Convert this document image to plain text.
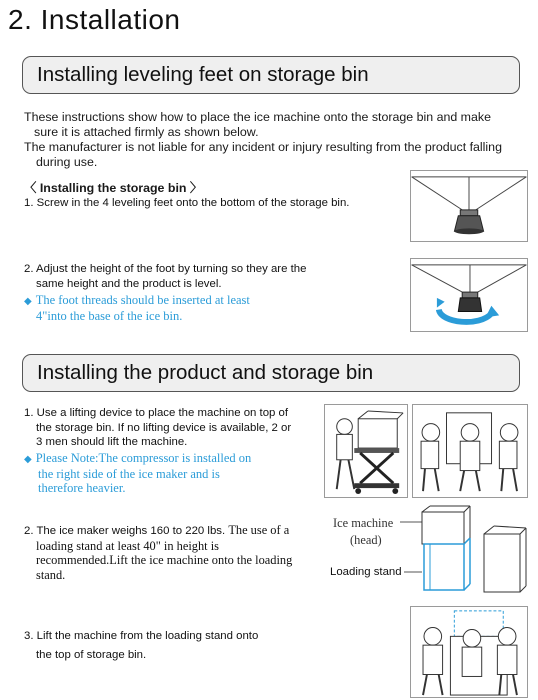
2. Installation
Installing leveling feet on storage bin

These instructions show how to place the ice machine onto the storage bin and make

sure it is attached firmly as shown below.

The manufacturer is not liable for any incident or injury resulting from the product falling

during use.

〈 Installing the storage bin 〉
1. Screw in the 4 leveling feet onto the bottom of the storage bin.
2. Adjust the height of the foot by turning so they are the
same height and the product is level.
◆ The foot threads should be inserted at least
4"into the base of the ice bin.
Installing the product and storage bin
1. Use a lifting device to place the machine on top of
the storage bin. If no lifting device is available, 2 or
3 men should lift the machine.
◆ Please Note:The compressor is installed on
the right side of the ice maker and is
therefore heavier.
2. The ice maker weighs 160 to 220 lbs. The use of a
loading stand at least 40" in height is
recommended.Lift the ice machine onto the loading
stand.
Ice machine
(head)
Loading stand
3. Lift the machine from the loading stand onto
the top of storage bin.
